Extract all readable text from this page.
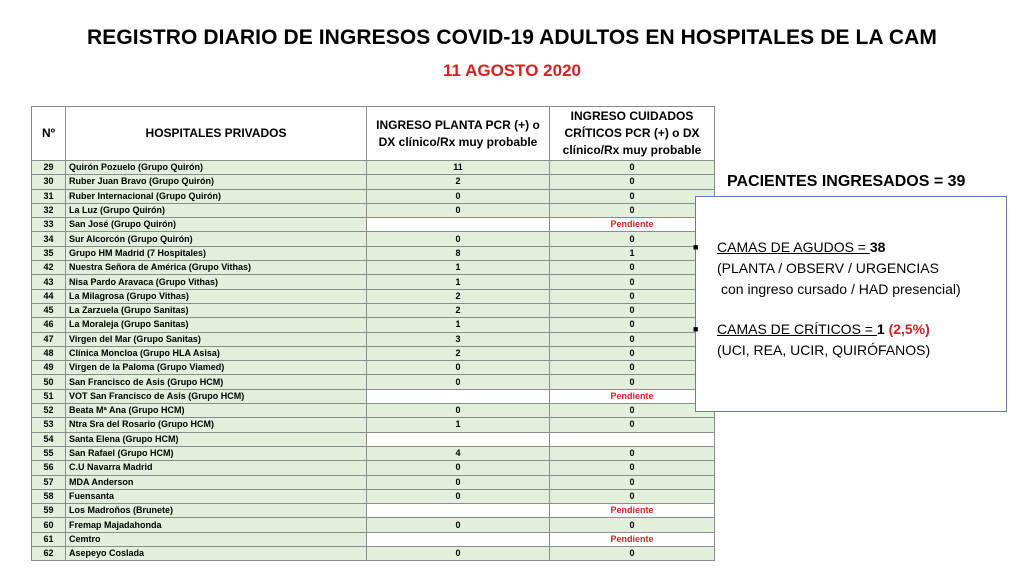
REGISTRO DIARIO DE INGRESOS COVID-19 ADULTOS EN HOSPITALES DE LA CAM
11 AGOSTO 2020
Nº	HOSPITALES PRIVADOS	INGRESO PLANTA PCR (+) o DX clínico/Rx muy probable	INGRESO CUIDADOS CRÍTICOS PCR (+) o DX clínico/Rx muy probable
29	Quirón Pozuelo (Grupo Quirón)	11	0
30	Ruber Juan Bravo (Grupo Quirón)	2	0
31	Ruber Internacional (Grupo Quirón)	0	0
32	La Luz (Grupo Quirón)	0	0
33	San José (Grupo Quirón)		Pendiente
34	Sur Alcorcón (Grupo Quirón)	0	0
35	Grupo HM Madrid (7 Hospitales)	8	1
42	Nuestra Señora de América (Grupo Vithas)	1	0
43	Nisa Pardo Aravaca (Grupo Vithas)	1	0
44	La Milagrosa (Grupo Vithas)	2	0
45	La Zarzuela (Grupo Sanitas)	2	0
46	La Moraleja (Grupo Sanitas)	1	0
47	Virgen del Mar (Grupo Sanitas)	3	0
48	Clínica Moncloa (Grupo HLA Asisa)	2	0
49	Virgen de la Paloma (Grupo Viamed)	0	0
50	San Francisco de Asis (Grupo HCM)	0	0
51	VOT San Francisco de Asis (Grupo HCM)		Pendiente
52	Beata Mª Ana (Grupo HCM)	0	0
53	Ntra Sra del Rosario (Grupo HCM)	1	0
54	Santa Elena (Grupo HCM)		
55	San Rafael (Grupo HCM)	4	0
56	C.U Navarra Madrid	0	0
57	MDA Anderson	0	0
58	Fuensanta	0	0
59	Los Madroños (Brunete)		Pendiente
60	Fremap Majadahonda	0	0
61	Cemtro		Pendiente
62	Asepeyo Coslada	0	0
PACIENTES INGRESADOS = 39
■ CAMAS DE AGUDOS = 38
(PLANTA / OBSERV / URGENCIAS
con ingreso cursado / HAD presencial)
■ CAMAS DE CRÍTICOS = 1 (2,5%)
(UCI, REA, UCIR, QUIRÓFANOS)
